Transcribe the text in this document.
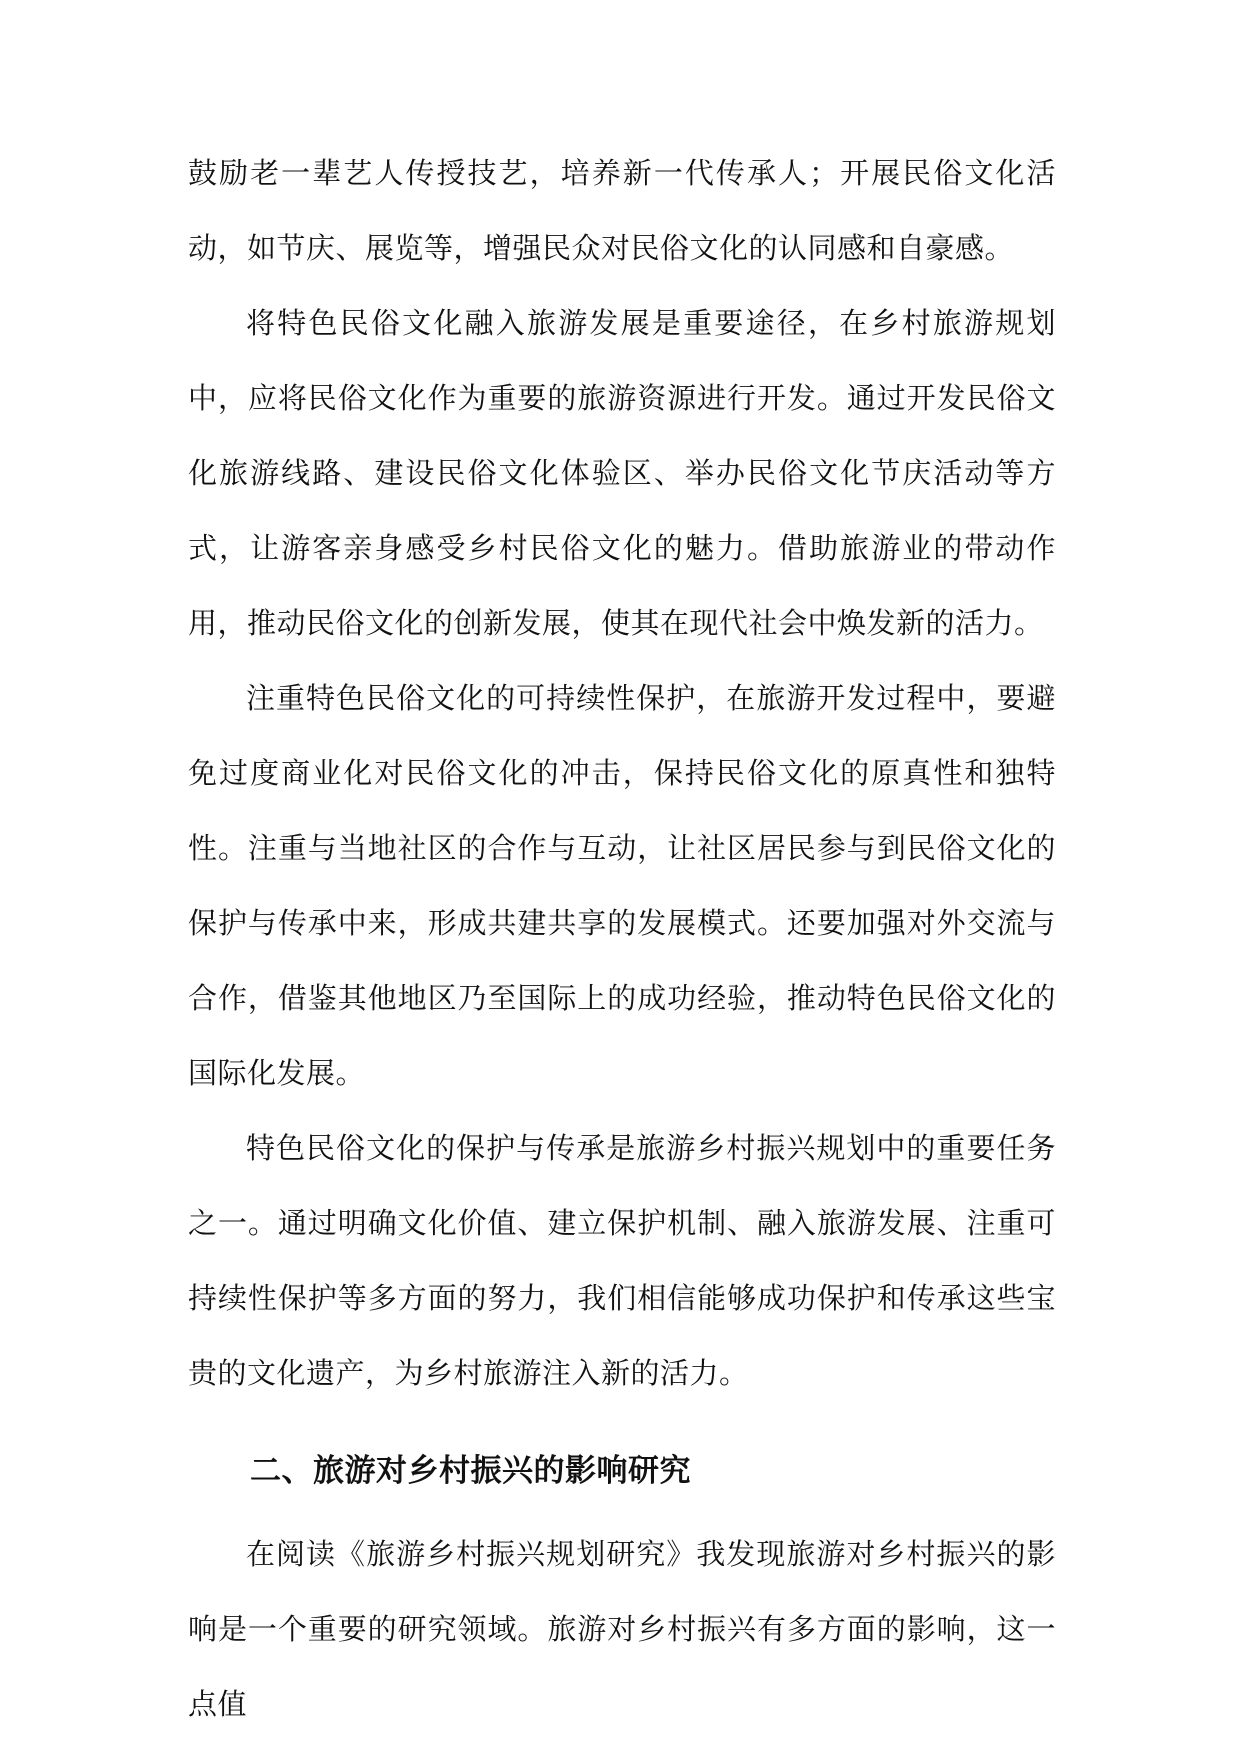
鼓励老一辈艺人传授技艺，培养新一代传承人；开展民俗文化活动，如节庆、展览等，增强民众对民俗文化的认同感和自豪感。

将特色民俗文化融入旅游发展是重要途径，在乡村旅游规划中，应将民俗文化作为重要的旅游资源进行开发。通过开发民俗文化旅游线路、建设民俗文化体验区、举办民俗文化节庆活动等方式，让游客亲身感受乡村民俗文化的魅力。借助旅游业的带动作用，推动民俗文化的创新发展，使其在现代社会中焕发新的活力。

注重特色民俗文化的可持续性保护，在旅游开发过程中，要避免过度商业化对民俗文化的冲击，保持民俗文化的原真性和独特性。注重与当地社区的合作与互动，让社区居民参与到民俗文化的保护与传承中来，形成共建共享的发展模式。还要加强对外交流与合作，借鉴其他地区乃至国际上的成功经验，推动特色民俗文化的国际化发展。

特色民俗文化的保护与传承是旅游乡村振兴规划中的重要任务之一。通过明确文化价值、建立保护机制、融入旅游发展、注重可持续性保护等多方面的努力，我们相信能够成功保护和传承这些宝贵的文化遗产，为乡村旅游注入新的活力。

二、旅游对乡村振兴的影响研究

在阅读《旅游乡村振兴规划研究》我发现旅游对乡村振兴的影响是一个重要的研究领域。旅游对乡村振兴有多方面的影响，这一点值
